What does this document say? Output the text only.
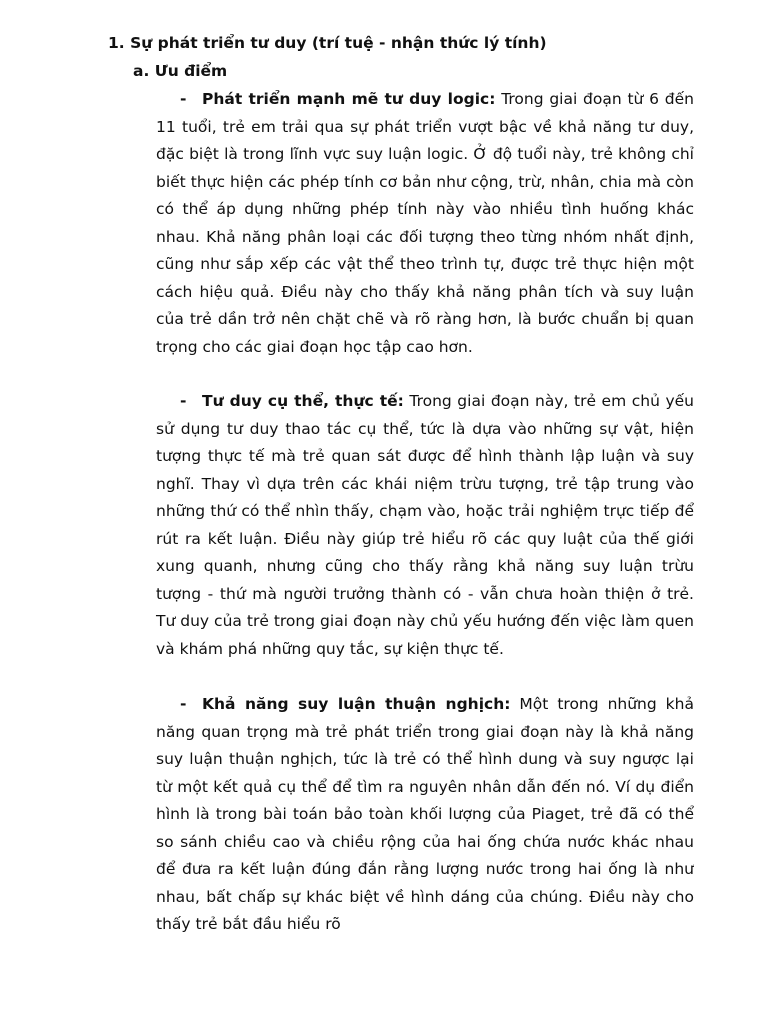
1. Sự phát triển tư duy (trí tuệ - nhận thức lý tính)
a. Ưu điểm

- Phát triển mạnh mẽ tư duy logic: Trong giai đoạn từ 6 đến 11 tuổi, trẻ em trải qua sự phát triển vượt bậc về khả năng tư duy, đặc biệt là trong lĩnh vực suy luận logic. Ở độ tuổi này, trẻ không chỉ biết thực hiện các phép tính cơ bản như cộng, trừ, nhân, chia mà còn có thể áp dụng những phép tính này vào nhiều tình huống khác nhau. Khả năng phân loại các đối tượng theo từng nhóm nhất định, cũng như sắp xếp các vật thể theo trình tự, được trẻ thực hiện một cách hiệu quả. Điều này cho thấy khả năng phân tích và suy luận của trẻ dần trở nên chặt chẽ và rõ ràng hơn, là bước chuẩn bị quan trọng cho các giai đoạn học tập cao hơn.

- Tư duy cụ thể, thực tế: Trong giai đoạn này, trẻ em chủ yếu sử dụng tư duy thao tác cụ thể, tức là dựa vào những sự vật, hiện tượng thực tế mà trẻ quan sát được để hình thành lập luận và suy nghĩ. Thay vì dựa trên các khái niệm trừu tượng, trẻ tập trung vào những thứ có thể nhìn thấy, chạm vào, hoặc trải nghiệm trực tiếp để rút ra kết luận. Điều này giúp trẻ hiểu rõ các quy luật của thế giới xung quanh, nhưng cũng cho thấy rằng khả năng suy luận trừu tượng - thứ mà người trưởng thành có - vẫn chưa hoàn thiện ở trẻ. Tư duy của trẻ trong giai đoạn này chủ yếu hướng đến việc làm quen và khám phá những quy tắc, sự kiện thực tế.

- Khả năng suy luận thuận nghịch: Một trong những khả năng quan trọng mà trẻ phát triển trong giai đoạn này là khả năng suy luận thuận nghịch, tức là trẻ có thể hình dung và suy ngược lại từ một kết quả cụ thể để tìm ra nguyên nhân dẫn đến nó. Ví dụ điển hình là trong bài toán bảo toàn khối lượng của Piaget, trẻ đã có thể so sánh chiều cao và chiều rộng của hai ống chứa nước khác nhau để đưa ra kết luận đúng đắn rằng lượng nước trong hai ống là như nhau, bất chấp sự khác biệt về hình dáng của chúng. Điều này cho thấy trẻ bắt đầu hiểu rõ
